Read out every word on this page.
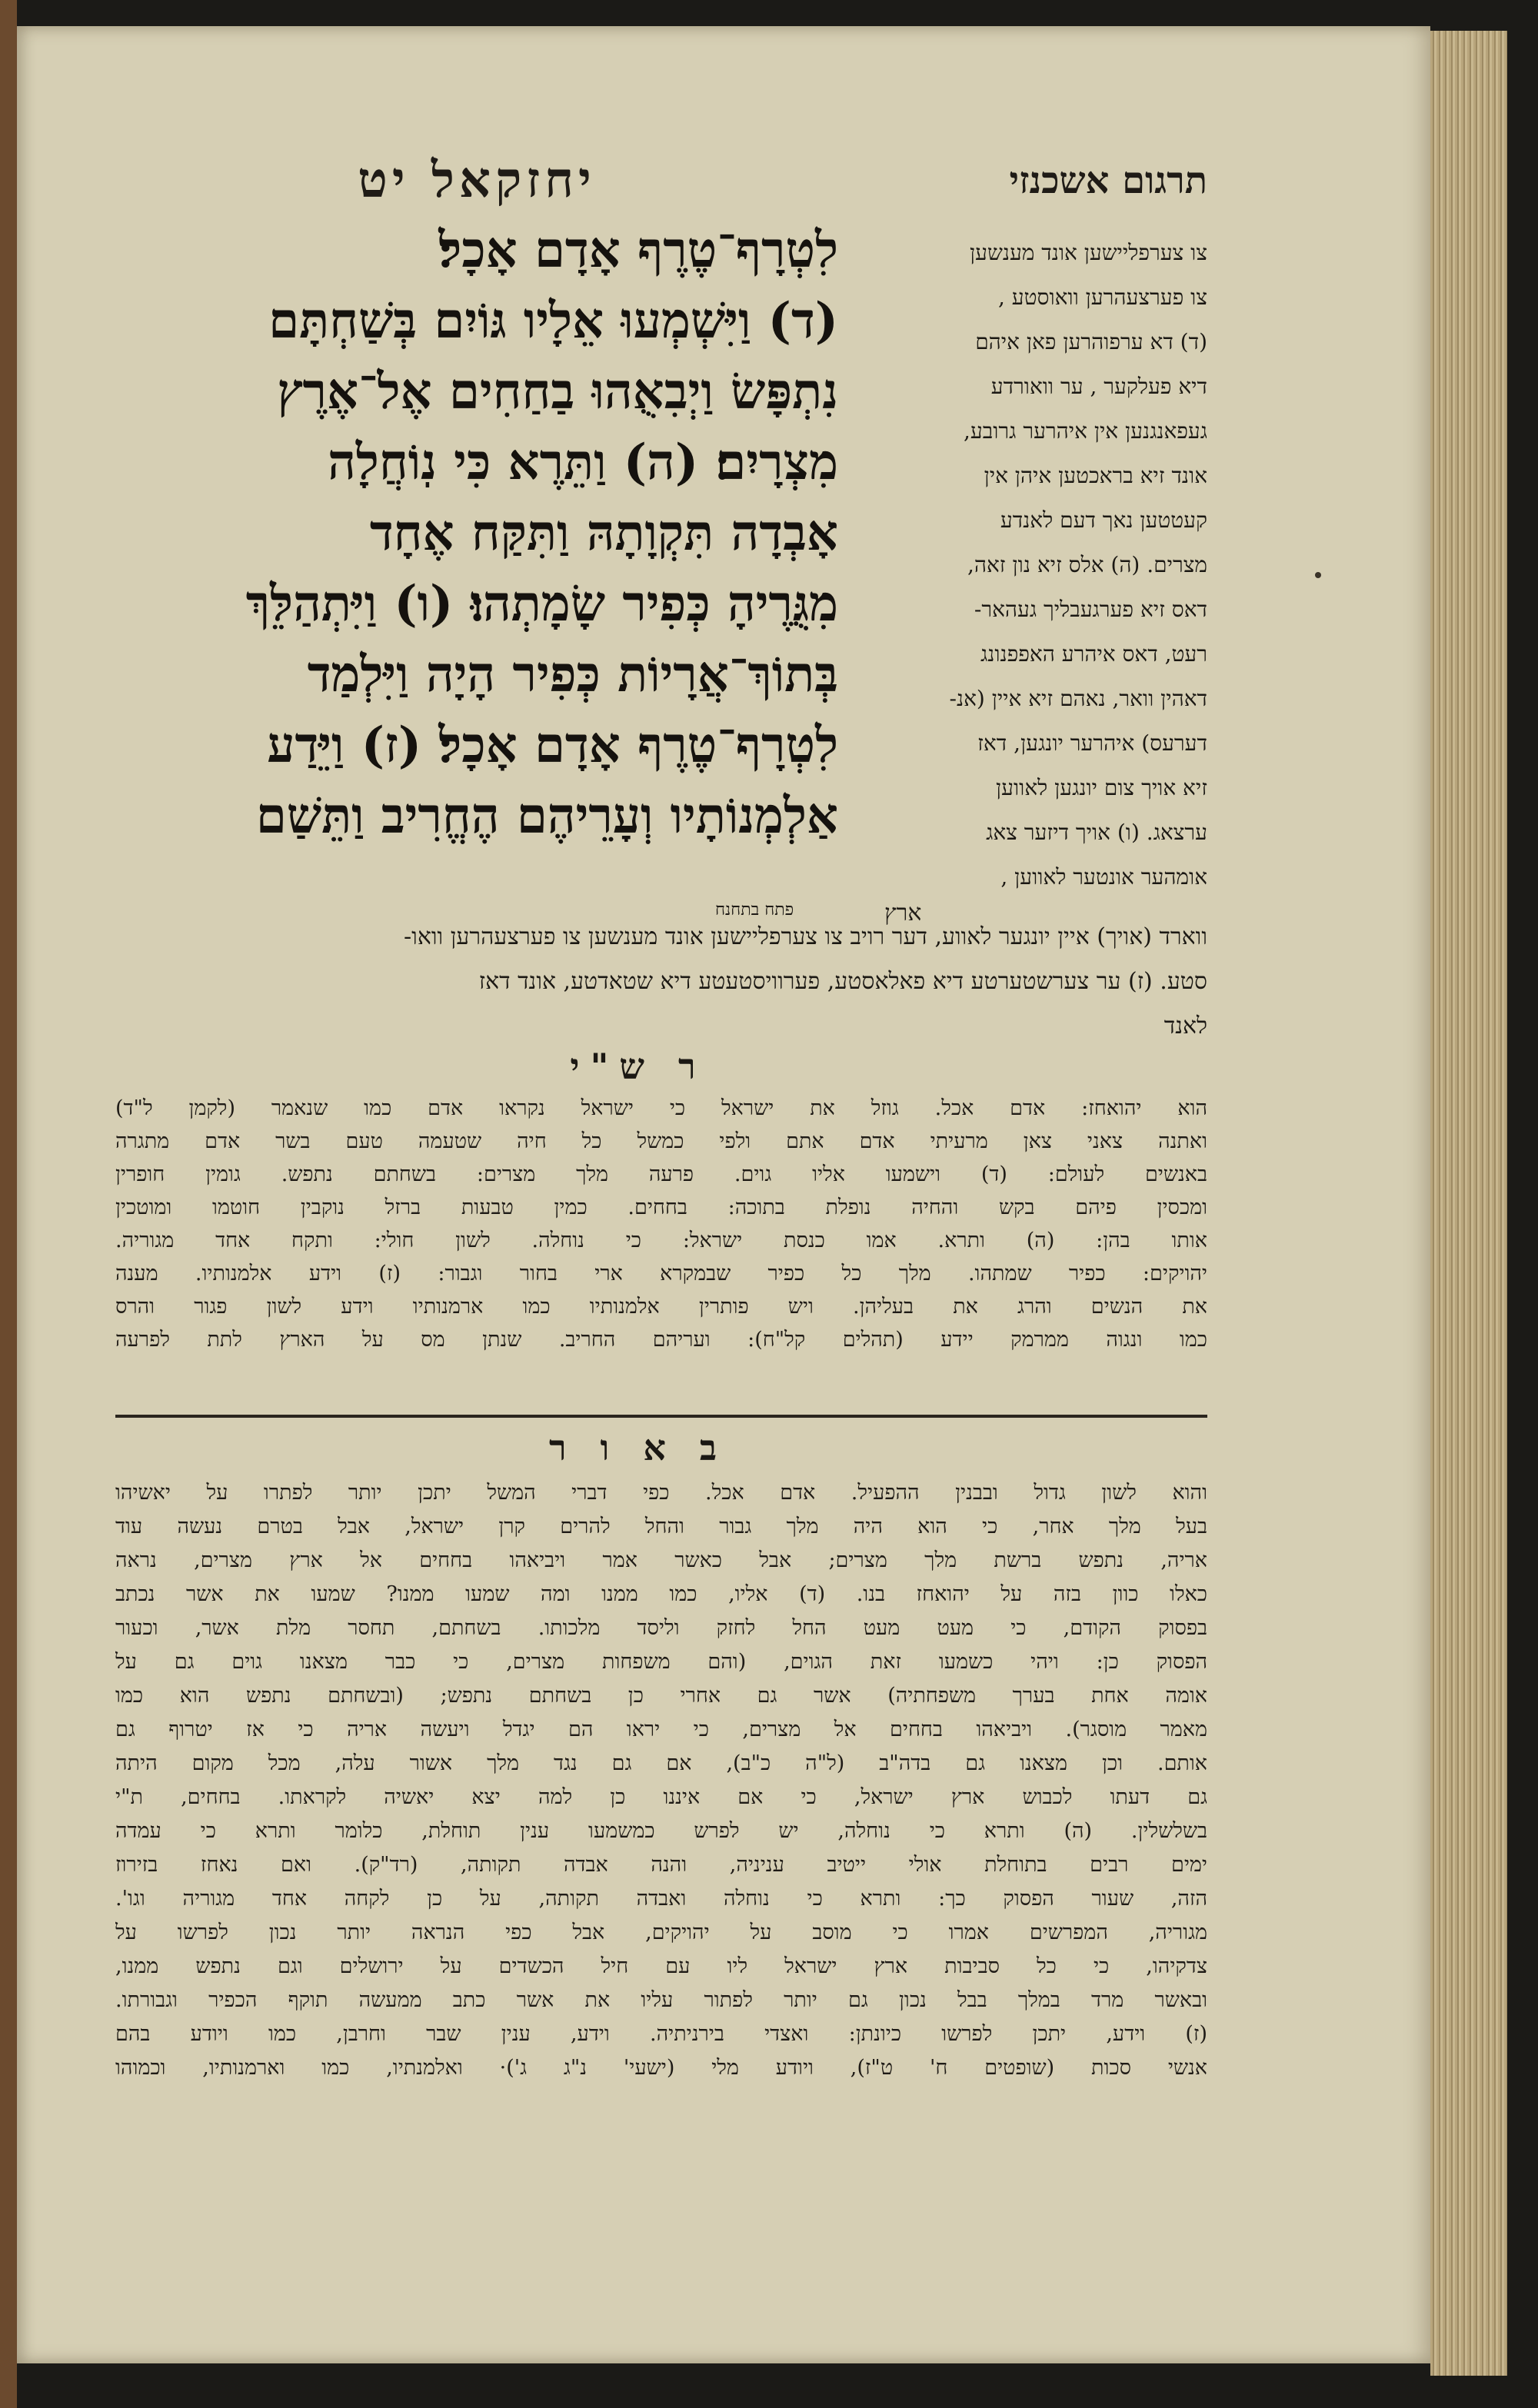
תרגום אשכנזי
יחזקאל יט
לִטְרָף־טֶרֶף אָדָם אָכָל׃
(ד) וַיִּשְׁמְעוּ אֵלָיו גּוֹיִם בְּשַׁחְתָּם
נִתְפָּשׂ וַיְבִאֻהוּ בַחַחִים אֶל־אֶרֶץ
מִצְרָיִם׃ (ה) וַתֵּרֶא כִּי נֽוֹחֲלָה
אָבְדָה תִּקְוָתָהּ וַתִּקַּח אֶחָד
מִגֻּרֶיהָ כְּפִיר שָׂמָתְהוּ׃ (ו) וַיִּתְהַלֵּךְ
בְּתוֹךְ־אֲרָיוֹת כְּפִיר הָיָה וַיִּלְמַד
לִטְרָף־טֶרֶף אָדָם אָכָל׃ (ז) וַיֵּדַע
אַלְמְנוֹתָיו וְעָרֵיהֶם הֶחֱרִיב וַתֵּשַׁם
פתח בתחנח	ארץ
צו צערפליישען אונד מענשען
צו פערצעהרען וואוסטע ,
(ד) דא ערפוהרען פאן איהם
דיא פעלקער , ער וואורדע
געפאנגנען אין איהרער גרובע,
אונד זיא בראכטען איהן אין
קעטטען נאך דעם לאנדע
מצרים. (ה) אלס זיא נון זאה,
דאס זיא פערגעבליך געהאר-
רעט, דאס איהרע האפפנונג
דאהין וואר, נאהם זיא איין (אנ-
דערעס) איהרער יונגען, דאז
זיא אויך צום יונגען לאווען
ערצאג. (ו) אויך דיזער צאג
אומהער אונטער לאווען ,
ווארד (אויך) איין יונגער לאווע, דער רויב צו צערפליישען אונד מענשען צו פערצעהרען וואו-
סטע. (ז) ער צערשטערטע דיא פאלאסטע, פערוויסטעטע דיא שטאדטע, אונד דאז
לאנד
ר ש"י
הוא יהואחז: אדם אכל. גוזל את ישראל כי ישראל נקראו אדם כמו שנאמר (לקמן ל"ד)
ואתנה צאני צאן מרעיתי אדם אתם ולפי כמשל כל חיה שטעמה טעם בשר אדם מתגרה
באנשים לעולם: (ד) וישמעו אליו גוים. פרעה מלך מצרים: בשחתם נתפש. גומין חופרין
ומכסין פיהם בקש והחיה נופלת בתוכה: בחחים. כמין טבעות ברזל נוקבין חוטמו ומוטכין
אותו בהן: (ה) ותרא. אמו כנסת ישראל: כי נוחלה. לשון חולי: ותקח אחד מגוריה.
יהויקים: כפיר שמתהו. מלך כל כפיר שבמקרא ארי בחור וגבור: (ז) וידע אלמנותיו. מענה
את הנשים והרג את בעליהן. ויש פותרין אלמנותיו כמו ארמנותיו וידע לשון פגור והרס
כמו ונגוה ממרמק יידע (תהלים קל"ח): ועריהם החריב. שנתן מס על הארץ לתת לפרעה
ב א ו ר
והוא לשון גדול ובבנין ההפעיל. אדם אכל. כפי דברי המשל יתכן יותר לפתרו על יאשיהו
בעל מלך אחר, כי הוא היה מלך גבור והחל להרים קרן ישראל, אבל בטרם נעשה עוד
אריה, נתפש ברשת מלך מצרים; אבל כאשר אמר ויביאהו בחחים אל ארץ מצרים, נראה
כאלו כוון בזה על יהואחז בנו. (ד) אליו, כמו ממנו ומה שמעו ממנו? שמעו את אשר נכתב
בפסוק הקודם, כי מעט מעט החל לחזק וליסד מלכותו. בשחתם, תחסר מלת אשר, וכעור
הפסוק כן: ויהי כשמעו זאת הגוים, (והם משפחות מצרים, כי כבר מצאנו גוים גם על
אומה אחת בערך משפחתיה) אשר גם אחרי כן בשחתם נתפש; (ובשחתם נתפש הוא כמו
מאמר מוסגר). ויביאהו בחחים אל מצרים, כי יראו הם יגדל ויעשה אריה כי אז יטרוף גם
אותם. וכן מצאנו גם בדה"ב (ל"ה כ"ב), אם גם נגד מלך אשור עלה, מכל מקום היתה
גם דעתו לכבוש ארץ ישראל, כי אם איננו כן למה יצא יאשיה לקראתו. בחחים, ת"י
בשלשלין. (ה) ותרא כי נוחלה, יש לפרש כמשמעו ענין תוחלת, כלומר ותרא כי עמדה
ימים רבים בתוחלת אולי ייטיב עניניה, והנה אבדה תקותה, (רד"ק). ואם נאחז בזירוז
הזה, שעור הפסוק כך: ותרא כי נוחלה ואבדה תקותה, על כן לקחה אחד מגוריה וגו'.
מגוריה, המפרשים אמרו כי מוסב על יהויקים, אבל כפי הנראה יותר נכון לפרשו על
צדקיהו, כי כל סביבות ארץ ישראל ליו עם חיל הכשדים על ירושלים וגם נתפש ממנו,
ובאשר מרד במלך בבל נכון גם יותר לפתור עליו את אשר כתב ממעשה תוקף הכפיר וגבורתו.
(ז) וידע, יתכן לפרשו כיונתן: ואצדי בירניתיה. וידע, ענין שבר וחרבן, כמו ויודע בהם
אנשי סכות (שופטים ח' ט"ז), ויודע מלי (ישעי' נ"ג ג')· ואלמנתיו, כמו וארמנותיו, וכמוהו
